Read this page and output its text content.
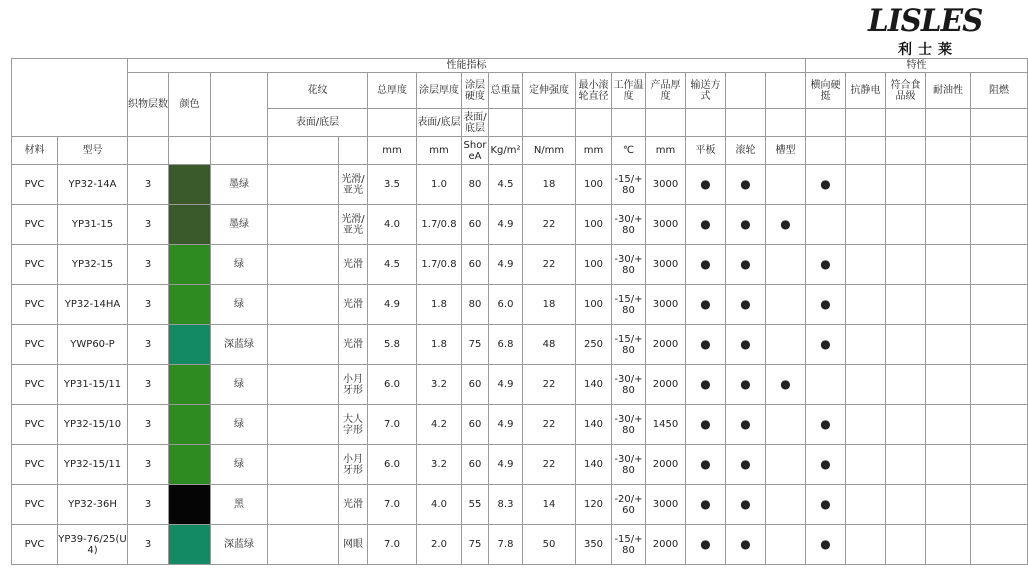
LISLES
利士莱
		性能指标																特性				
		织物层数	颜色		花纹		总厚度	涂层厚度	涂层硬度	总重量	定伸强度	最小滚轮直径	工作温度	产品厚度	输送方式			横向硬挺	抗静电	符合食品级	耐油性	阻燃
					表面/底层			表面/底层	表面/底层													
材料	型号						mm	mm	ShoreA	Kg/m²	N/mm	mm	℃	mm	平板	滚轮	槽型					
PVC	YP32-14A	3		墨绿		光滑/亚光	3.5	1.0	80	4.5	18	100	-15/+80	3000	●	●		●				
PVC	YP31-15	3		墨绿		光滑/亚光	4.0	1.7/0.8	60	4.9	22	100	-30/+80	3000	●	●	●					
PVC	YP32-15	3		绿		光滑	4.5	1.7/0.8	60	4.9	22	100	-30/+80	3000	●	●		●				
PVC	YP32-14HA	3		绿		光滑	4.9	1.8	80	6.0	18	100	-15/+80	3000	●	●		●				
PVC	YWP60-P	3		深蓝绿		光滑	5.8	1.8	75	6.8	48	250	-15/+80	2000	●	●		●				
PVC	YP31-15/11	3		绿		小月牙形	6.0	3.2	60	4.9	22	140	-30/+80	2000	●	●	●					
PVC	YP32-15/10	3		绿		大人字形	7.0	4.2	60	4.9	22	140	-30/+80	1450	●	●		●				
PVC	YP32-15/11	3		绿		小月牙形	6.0	3.2	60	4.9	22	140	-30/+80	2000	●	●		●				
PVC	YP32-36H	3		黑		光滑	7.0	4.0	55	8.3	14	120	-20/+60	3000	●	●		●				
PVC	YP39-76/25(U4)	3		深蓝绿		网眼	7.0	2.0	75	7.8	50	350	-15/+80	2000	●	●		●				
